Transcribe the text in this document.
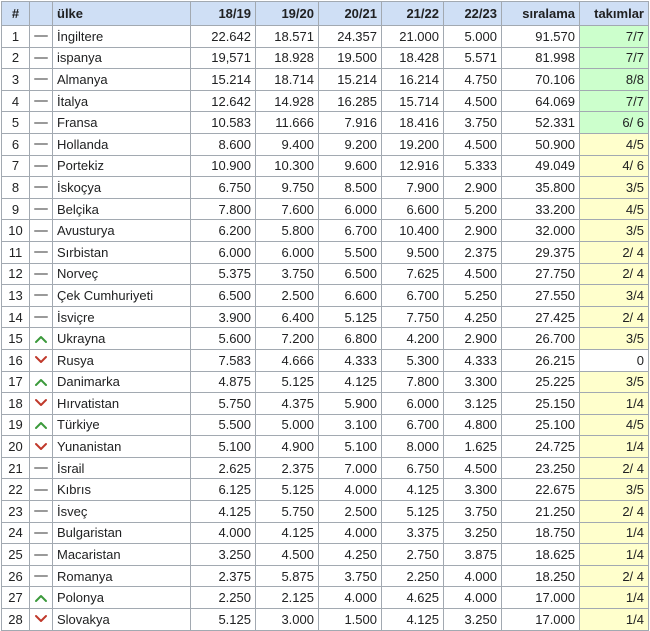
#		ülke	18/19	19/20	20/21	21/22	22/23	sıralama	takımlar
1		İngiltere	22.642	18.571	24.357	21.000	5.000	91.570	7/7
2		ispanya	19,571	18.928	19.500	18.428	5.571	81.998	7/7
3		Almanya	15.214	18.714	15.214	16.214	4.750	70.106	8/8
4		İtalya	12.642	14.928	16.285	15.714	4.500	64.069	7/7
5		Fransa	10.583	11.666	7.916	18.416	3.750	52.331	6/ 6
6		Hollanda	8.600	9.400	9.200	19.200	4.500	50.900	4/5
7		Portekiz	10.900	10.300	9.600	12.916	5.333	49.049	4/ 6
8		İskoçya	6.750	9.750	8.500	7.900	2.900	35.800	3/5
9		Belçika	7.800	7.600	6.000	6.600	5.200	33.200	4/5
10		Avusturya	6.200	5.800	6.700	10.400	2.900	32.000	3/5
11		Sırbistan	6.000	6.000	5.500	9.500	2.375	29.375	2/ 4
12		Norveç	5.375	3.750	6.500	7.625	4.500	27.750	2/ 4
13		Çek Cumhuriyeti	6.500	2.500	6.600	6.700	5.250	27.550	3/4
14		İsviçre	3.900	6.400	5.125	7.750	4.250	27.425	2/ 4
15		Ukrayna	5.600	7.200	6.800	4.200	2.900	26.700	3/5
16		Rusya	7.583	4.666	4.333	5.300	4.333	26.215	0
17		Danimarka	4.875	5.125	4.125	7.800	3.300	25.225	3/5
18		Hırvatistan	5.750	4.375	5.900	6.000	3.125	25.150	1/4
19		Türkiye	5.500	5.000	3.100	6.700	4.800	25.100	4/5
20		Yunanistan	5.100	4.900	5.100	8.000	1.625	24.725	1/4
21		İsrail	2.625	2.375	7.000	6.750	4.500	23.250	2/ 4
22		Kıbrıs	6.125	5.125	4.000	4.125	3.300	22.675	3/5
23		İsveç	4.125	5.750	2.500	5.125	3.750	21.250	2/ 4
24		Bulgaristan	4.000	4.125	4.000	3.375	3.250	18.750	1/4
25		Macaristan	3.250	4.500	4.250	2.750	3.875	18.625	1/4
26		Romanya	2.375	5.875	3.750	2.250	4.000	18.250	2/ 4
27		Polonya	2.250	2.125	4.000	4.625	4.000	17.000	1/4
28		Slovakya	5.125	3.000	1.500	4.125	3.250	17.000	1/4
